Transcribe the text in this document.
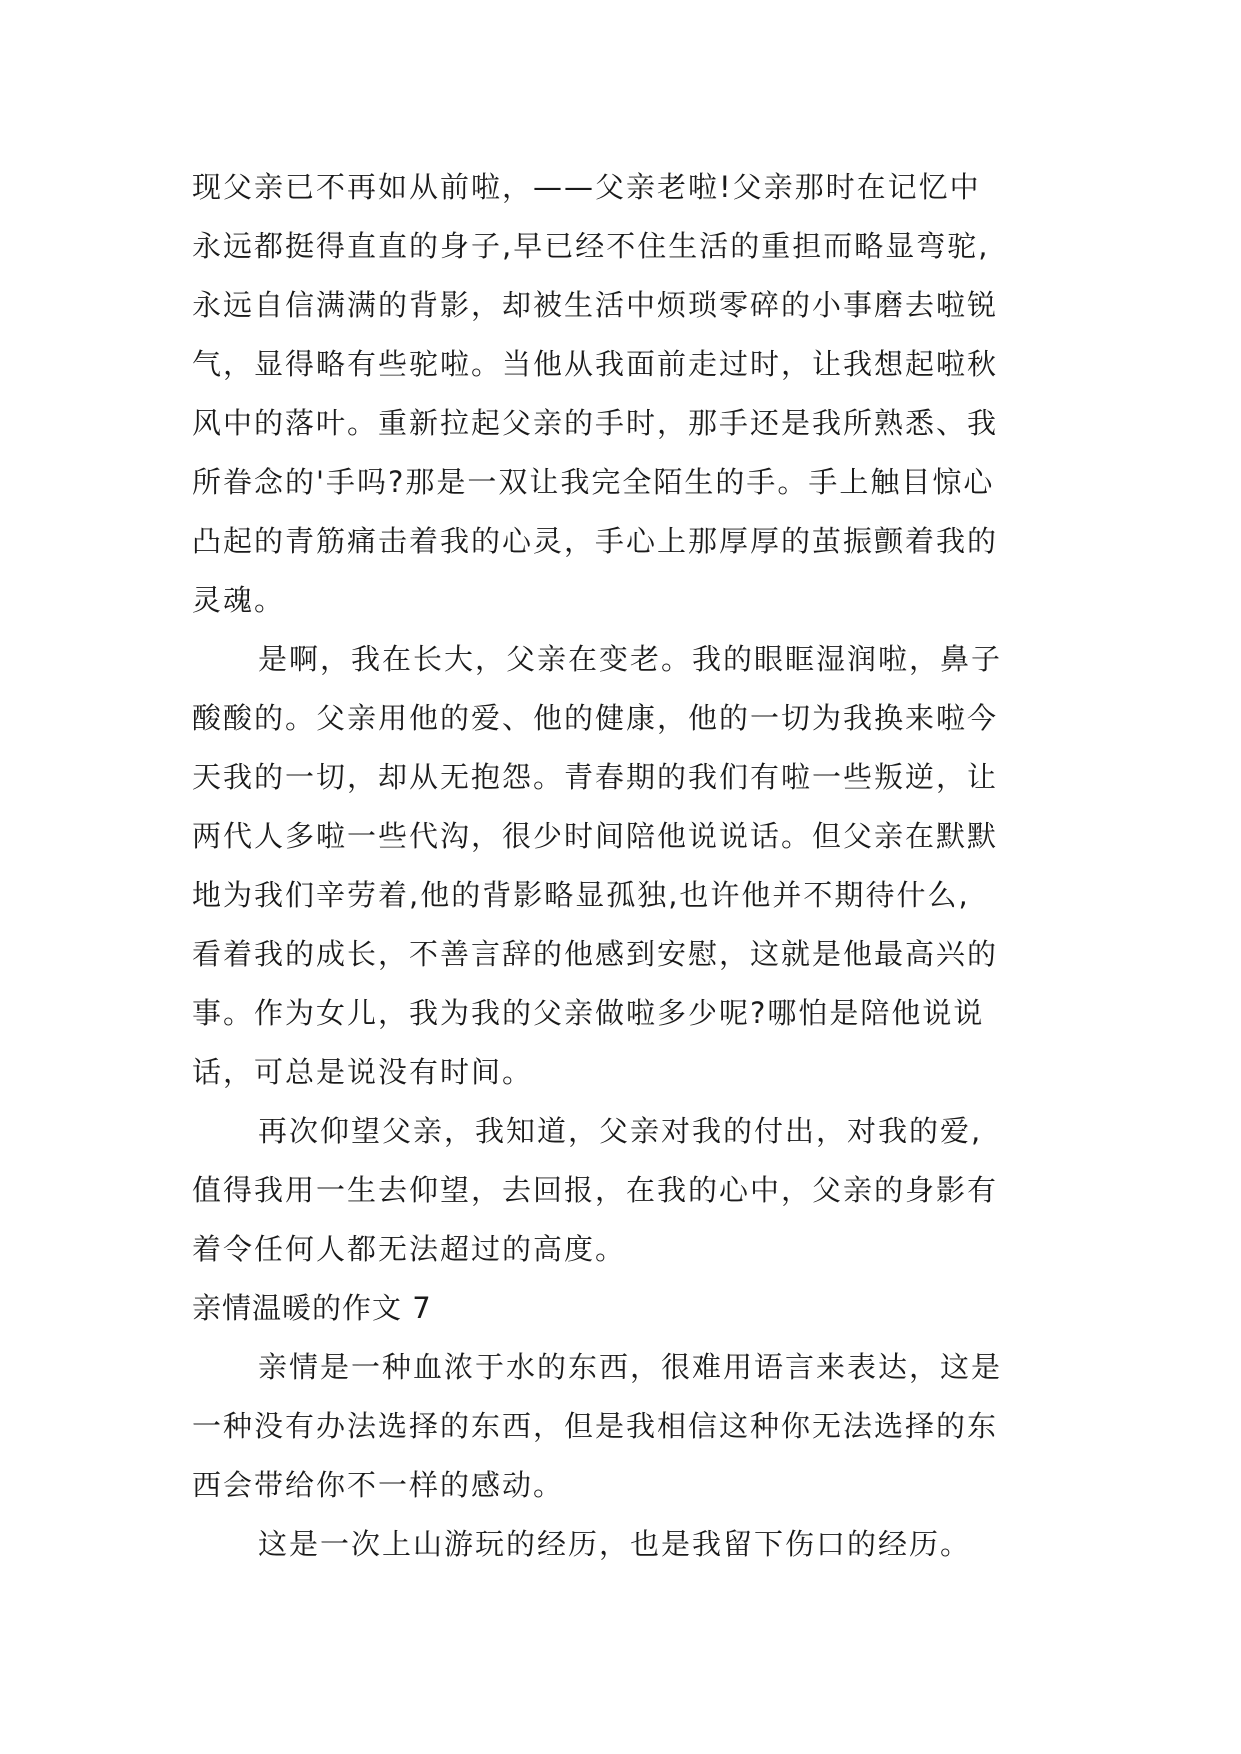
现父亲已不再如从前啦，——父亲老啦!父亲那时在记忆中
永远都挺得直直的身子,早已经不住生活的重担而略显弯驼,
永远自信满满的背影，却被生活中烦琐零碎的小事磨去啦锐
气，显得略有些驼啦。当他从我面前走过时，让我想起啦秋
风中的落叶。重新拉起父亲的手时，那手还是我所熟悉、我
所眷念的'手吗?那是一双让我完全陌生的手。手上触目惊心
凸起的青筋痛击着我的心灵，手心上那厚厚的茧振颤着我的
灵魂。
是啊，我在长大，父亲在变老。我的眼眶湿润啦，鼻子
酸酸的。父亲用他的爱、他的健康，他的一切为我换来啦今
天我的一切，却从无抱怨。青春期的我们有啦一些叛逆，让
两代人多啦一些代沟，很少时间陪他说说话。但父亲在默默
地为我们辛劳着,他的背影略显孤独,也许他并不期待什么,
看着我的成长，不善言辞的他感到安慰，这就是他最高兴的
事。作为女儿，我为我的父亲做啦多少呢?哪怕是陪他说说
话，可总是说没有时间。
再次仰望父亲，我知道，父亲对我的付出，对我的爱,
值得我用一生去仰望，去回报，在我的心中，父亲的身影有
着令任何人都无法超过的高度。
亲情温暖的作文 7
亲情是一种血浓于水的东西，很难用语言来表达，这是
一种没有办法选择的东西，但是我相信这种你无法选择的东
西会带给你不一样的感动。
这是一次上山游玩的经历，也是我留下伤口的经历。
